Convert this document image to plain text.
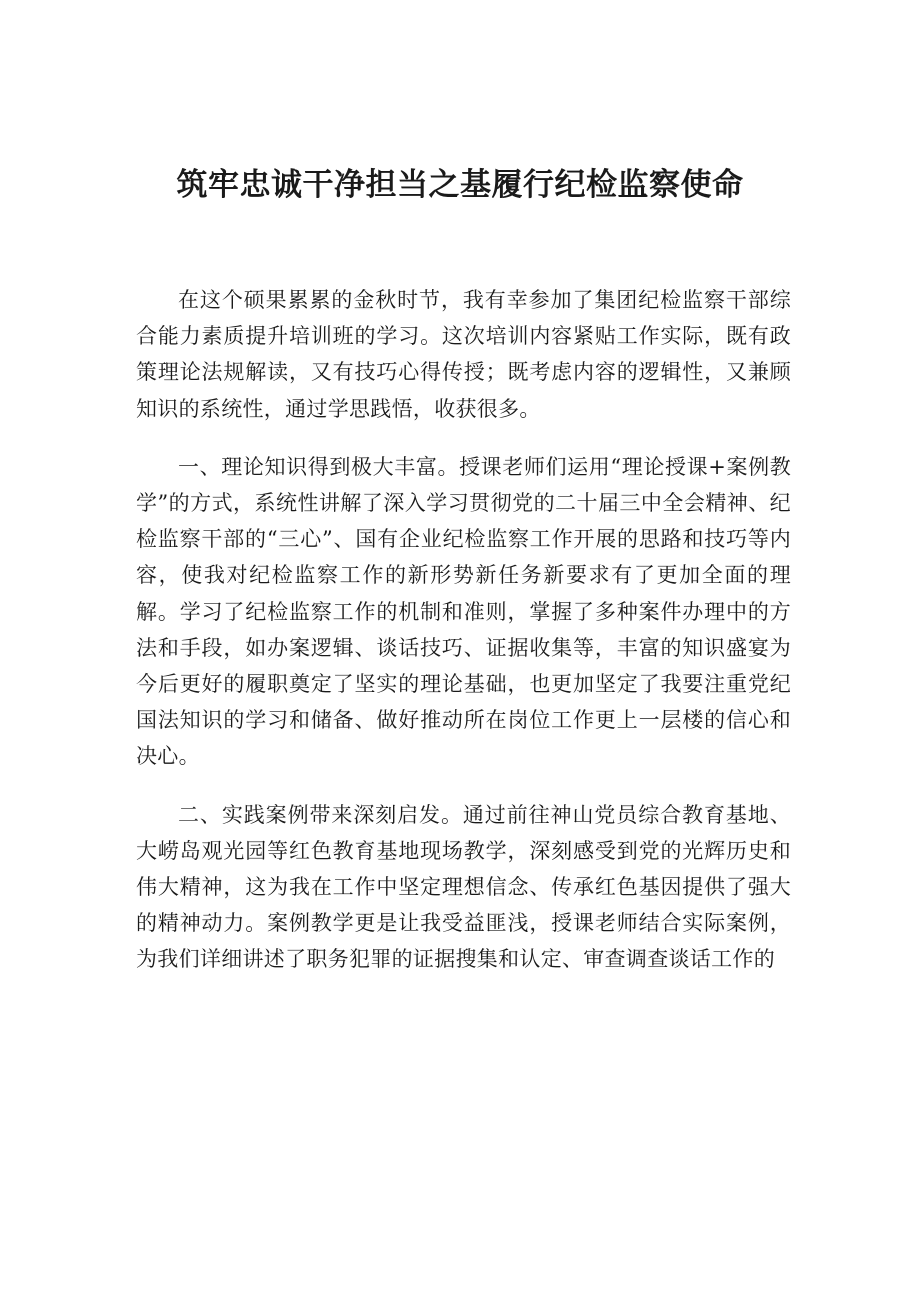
筑牢忠诚干净担当之基履行纪检监察使命

在这个硕果累累的金秋时节，我有幸参加了集团纪检监察干部综合能力素质提升培训班的学习。这次培训内容紧贴工作实际，既有政策理论法规解读，又有技巧心得传授；既考虑内容的逻辑性，又兼顾知识的系统性，通过学思践悟，收获很多。

一、理论知识得到极大丰富。授课老师们运用“理论授课+案例教学”的方式，系统性讲解了深入学习贯彻党的二十届三中全会精神、纪检监察干部的“三心”、国有企业纪检监察工作开展的思路和技巧等内容，使我对纪检监察工作的新形势新任务新要求有了更加全面的理解。学习了纪检监察工作的机制和准则，掌握了多种案件办理中的方法和手段，如办案逻辑、谈话技巧、证据收集等，丰富的知识盛宴为今后更好的履职奠定了坚实的理论基础，也更加坚定了我要注重党纪国法知识的学习和储备、做好推动所在岗位工作更上一层楼的信心和决心。

二、实践案例带来深刻启发。通过前往神山党员综合教育基地、大崂岛观光园等红色教育基地现场教学，深刻感受到党的光辉历史和伟大精神，这为我在工作中坚定理想信念、传承红色基因提供了强大的精神动力。案例教学更是让我受益匪浅，授课老师结合实际案例，为我们详细讲述了职务犯罪的证据搜集和认定、审查调查谈话工作的
